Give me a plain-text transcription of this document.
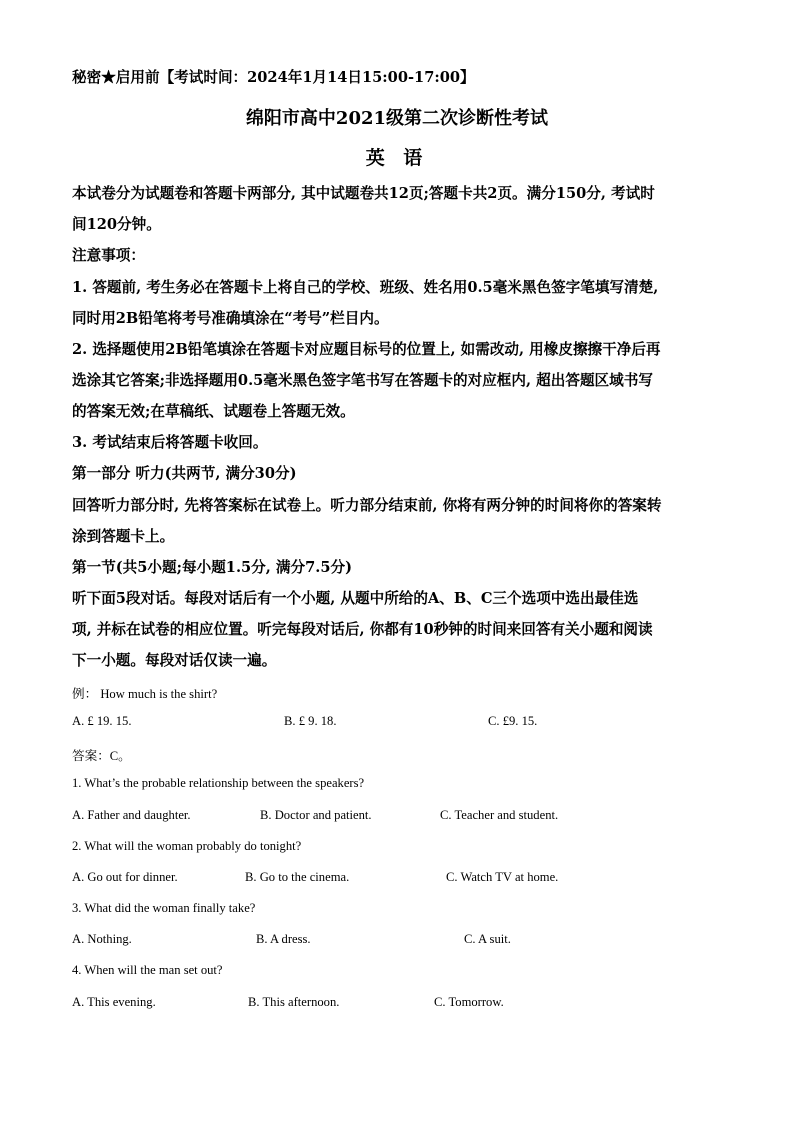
秘密★启用前【考试时间：2024年1月14日15:00-17:00】
绵阳市高中2021级第二次诊断性考试
英 语
本试卷分为试题卷和答题卡两部分, 其中试题卷共12页;答题卡共2页。满分150分, 考试时
间120分钟。
注意事项：
1. 答题前, 考生务必在答题卡上将自己的学校、班级、姓名用0.5毫米黑色签字笔填写清楚,
同时用2B铅笔将考号准确填涂在“考号”栏目内。
2. 选择题使用2B铅笔填涂在答题卡对应题目标号的位置上, 如需改动, 用橡皮擦擦干净后再
选涂其它答案;非选择题用0.5毫米黑色签字笔书写在答题卡的对应框内, 超出答题区域书写
的答案无效;在草稿纸、试题卷上答题无效。
3. 考试结束后将答题卡收回。
第一部分 听力(共两节, 满分30分)
回答听力部分时, 先将答案标在试卷上。听力部分结束前, 你将有两分钟的时间将你的答案转
涂到答题卡上。
第一节(共5小题;每小题1.5分, 满分7.5分)
听下面5段对话。每段对话后有一个小题, 从题中所给的A、B、C三个选项中选出最佳选
项, 并标在试卷的相应位置。听完每段对话后, 你都有10秒钟的时间来回答有关小题和阅读
下一小题。每段对话仅读一遍。
例： How much is the shirt?
A. £ 19. 15.	B. £ 9. 18.	C. £9. 15.
答案：C。
1. What’s the probable relationship between the speakers?
A. Father and daughter.	B. Doctor and patient.	C. Teacher and student.
2. What will the woman probably do tonight?
A. Go out for dinner.	B. Go to the cinema.	C. Watch TV at home.
3. What did the woman finally take?
A. Nothing.	B. A dress.	C. A suit.
4. When will the man set out?
A. This evening.	B. This afternoon.	C. Tomorrow.
